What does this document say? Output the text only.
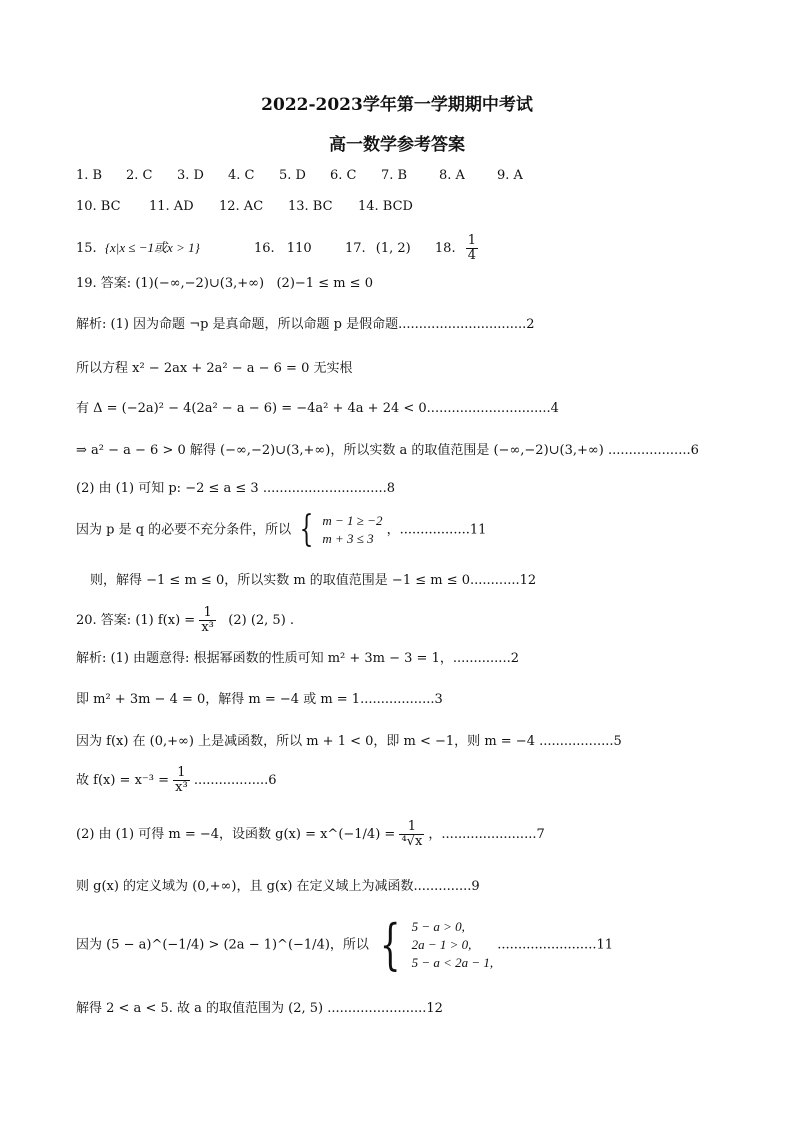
2022-2023学年第一学期期中考试
高一数学参考答案
1. B 2. C 3. D 4. C 5. D 6. C 7. B 8. A 9. A
10. BC 11. AD 12. AC 13. BC 14. BCD
15. {x|x ≤ −1或x > 1}	16. 110	17. (1, 2) 18. $\frac{1}{4}$
19. 答案: (1)(−∞,−2)∪(3,+∞) (2)−1 ≤ m ≤ 0
解析: (1) 因为命题 ¬p 是真命题，所以命题 p 是假命题...............................2
所以方程 x² − 2ax + 2a² − a − 6 = 0 无实根
有 Δ = (−2a)² − 4(2a² − a − 6) = −4a² + 4a + 24 < 0..............................4
⇒ a² − a − 6 > 0 解得 (−∞,−2)∪(3,+∞)，所以实数 a 的取值范围是 (−∞,−2)∪(3,+∞) ....................6
(2) 由 (1) 可知 p: −2 ≤ a ≤ 3 ..............................8
因为 p 是 q 的必要不充分条件，所以 { m − 1 ≥ −2
m + 3 ≤ 3
，.................11
则，解得 −1 ≤ m ≤ 0，所以实数 m 的取值范围是 −1 ≤ m ≤ 0............12
20. 答案: (1) $f(x) = \frac{1}{\text{x³}} (2)$ (2, 5) .
解析: (1) 由题意得: 根据幂函数的性质可知 m² + 3m − 3 = 1，..............2
即 m² + 3m − 4 = 0，解得 m = −4 或 m = 1..................3
因为 f(x) 在 (0,+∞) 上是减函数，所以 m + 1 < 0，即 m < −1，则 m = −4 ..................5
故 $f(x) = x^{-3} = \frac{1}{\text{x³}} ..................6$
(2) 由 (1) 可得 m = −4，设函数 g(x) = x^(−1/4) = $\frac{1}{\text{⁴√x}}$ ，.......................7
则 g(x) 的定义域为 (0,+∞)，且 g(x) 在定义域上为减函数..............9
因为 (5 − a)^(−1/4) > (2a − 1)^(−1/4)，所以 { 5 − a > 0,
2a − 1 > 0,
5 − a < 2a − 1,
........................11
解得 2 < a < 5. 故 a 的取值范围为 (2, 5) ........................12
